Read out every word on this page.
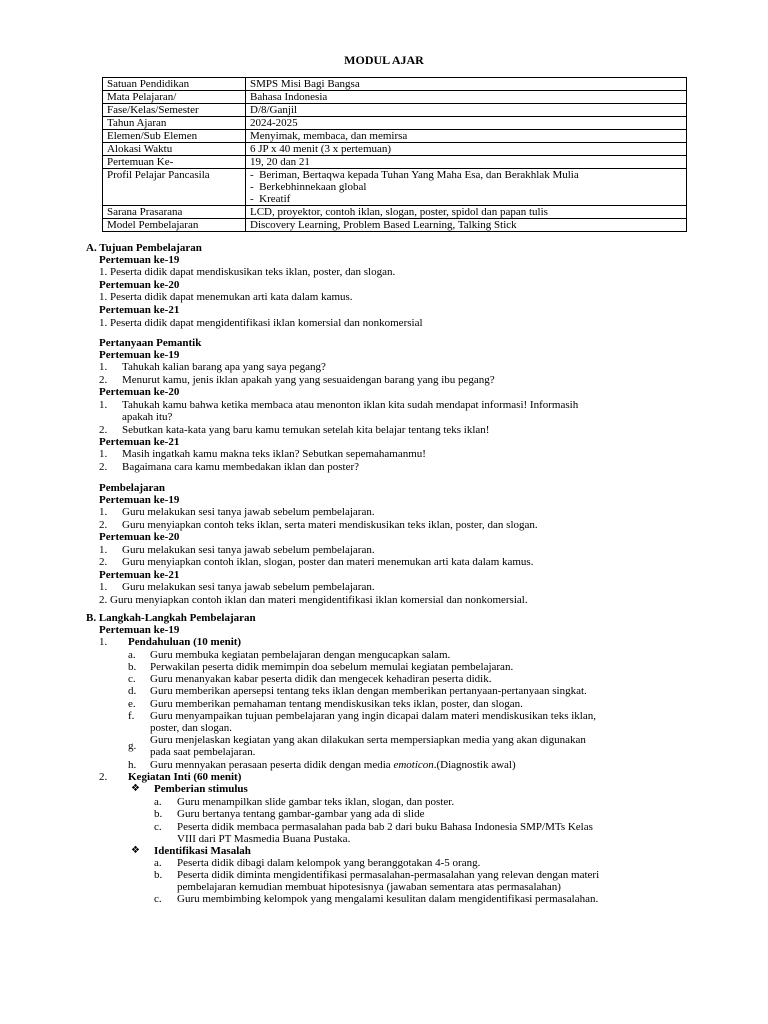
MODUL AJAR
Satuan Pendidikan	SMPS Misi Bagi Bangsa
Mata Pelajaran/	Bahasa Indonesia
Fase/Kelas/Semester	D/8/Ganjil
Tahun Ajaran	2024-2025
Elemen/Sub Elemen	Menyimak, membaca, dan memirsa
Alokasi Waktu	6 JP x 40 menit (3 x pertemuan)
Pertemuan Ke-	19, 20 dan 21
Profil Pelajar Pancasila	-  Beriman, Bertaqwa kepada Tuhan Yang Maha Esa, dan Berakhlak Mulia
-  Berkebhinnekaan global
-  Kreatif

Sarana Prasarana	LCD, proyektor, contoh iklan, slogan, poster, spidol dan papan tulis
Model Pembelajaran	Discovery Learning, Problem Based Learning, Talking Stick
A. Tujuan Pembelajaran
Pertemuan ke-19
1. Peserta didik dapat mendiskusikan teks iklan, poster, dan slogan.
Pertemuan ke-20
1. Peserta didik dapat menemukan arti kata dalam kamus.
Pertemuan ke-21
1. Peserta didik dapat mengidentifikasi iklan komersial dan nonkomersial
Pertanyaan Pemantik
Pertemuan ke-19
1. Tahukah kalian barang apa yang saya pegang?
2. Menurut kamu, jenis iklan apakah yang yang sesuaidengan barang yang ibu pegang?
Pertemuan ke-20
1. Tahukah kamu bahwa ketika membaca atau menonton iklan kita sudah mendapat informasi! Informasih
apakah itu?
2. Sebutkan kata-kata yang baru kamu temukan setelah kita belajar tentang teks iklan!
Pertemuan ke-21
1. Masih ingatkah kamu makna teks iklan? Sebutkan sepemahamanmu!
2. Bagaimana cara kamu membedakan iklan dan poster?
Pembelajaran
Pertemuan ke-19
1. Guru melakukan sesi tanya jawab sebelum pembelajaran.
2. Guru menyiapkan contoh teks iklan, serta materi mendiskusikan teks iklan, poster, dan slogan.
Pertemuan ke-20
1. Guru melakukan sesi tanya jawab sebelum pembelajaran.
2. Guru menyiapkan contoh iklan, slogan, poster dan materi menemukan arti kata dalam kamus.
Pertemuan ke-21
1. Guru melakukan sesi tanya jawab sebelum pembelajaran.
2. Guru menyiapkan contoh iklan dan materi mengidentifikasi iklan komersial dan nonkomersial.
B. Langkah-Langkah Pembelajaran
Pertemuan ke-19
1. Pendahuluan (10 menit)
a. Guru membuka kegiatan pembelajaran dengan mengucapkan salam.
b. Perwakilan peserta didik memimpin doa sebelum memulai kegiatan pembelajaran.
c. Guru menanyakan kabar peserta didik dan mengecek kehadiran peserta didik.
d. Guru memberikan apersepsi tentang teks iklan dengan memberikan pertanyaan-pertanyaan singkat.
e. Guru memberikan pemahaman tentang mendiskusikan teks iklan, poster, dan slogan.
f. Guru menyampaikan tujuan pembelajaran yang ingin dicapai dalam materi mendiskusikan teks iklan,
poster, dan slogan.
g. Guru menjelaskan kegiatan yang akan dilakukan serta mempersiapkan media yang akan digunakan
pada saat pembelajaran.
h. Guru mennyakan perasaan peserta didik dengan media emoticon.(Diagnostik awal)
2. Kegiatan Inti (60 menit)
❖ Pemberian stimulus
a. Guru menampilkan slide gambar teks iklan, slogan, dan poster.
b. Guru bertanya tentang gambar-gambar yang ada di slide
c. Peserta didik membaca permasalahan pada bab 2 dari buku Bahasa Indonesia SMP/MTs Kelas
VIII dari PT Masmedia Buana Pustaka.
❖ Identifikasi Masalah
a. Peserta didik dibagi dalam kelompok yang beranggotakan 4-5 orang.
b. Peserta didik diminta mengidentifikasi permasalahan-permasalahan yang relevan dengan materi
pembelajaran kemudian membuat hipotesisnya (jawaban sementara atas permasalahan)
c. Guru membimbing kelompok yang mengalami kesulitan dalam mengidentifikasi permasalahan.
